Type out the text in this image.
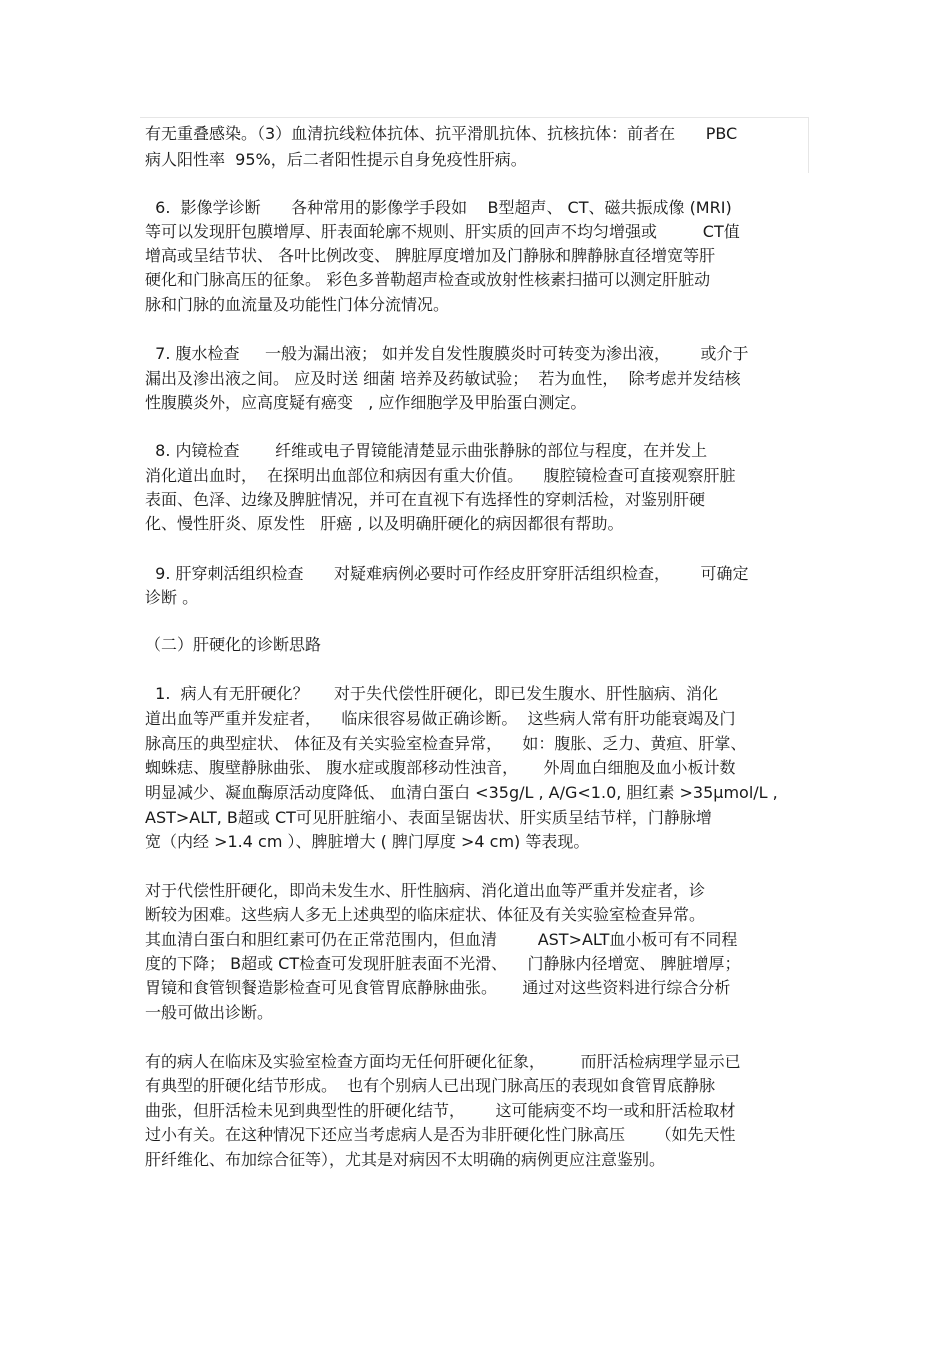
有无重叠感染。（3）血清抗线粒体抗体、抗平滑肌抗体、抗核抗体：前者在      PBC
病人阳性率  95%，后二者阳性提示自身免疫性肝病。
6.  影像学诊断      各种常用的影像学手段如    B型超声、 CT、磁共振成像 (MRI)
等可以发现肝包膜增厚、肝表面轮廓不规则、肝实质的回声不均匀增强或         CT值
增高或呈结节状、 各叶比例改变、 脾脏厚度增加及门静脉和脾静脉直径增宽等肝
硬化和门脉高压的征象。 彩色多普勒超声检查或放射性核素扫描可以测定肝脏动
脉和门脉的血流量及功能性门体分流情况。
7. 腹水检查     一般为漏出液； 如并发自发性腹膜炎时可转变为渗出液，      或介于
漏出及渗出液之间。 应及时送 细菌 培养及药敏试验；  若为血性，  除考虑并发结核
性腹膜炎外，应高度疑有癌变   , 应作细胞学及甲胎蛋白测定。
8. 内镜检查       纤维或电子胃镜能清楚显示曲张静脉的部位与程度，在并发上
消化道出血时，  在探明出血部位和病因有重大价值。    腹腔镜检查可直接观察肝脏
表面、色泽、边缘及脾脏情况，并可在直视下有选择性的穿刺活检，对鉴别肝硬
化、慢性肝炎、原发性   肝癌 , 以及明确肝硬化的病因都很有帮助。
9. 肝穿刺活组织检查      对疑难病例必要时可作经皮肝穿肝活组织检查，      可确定
诊断 。
（二）肝硬化的诊断思路
1.  病人有无肝硬化？     对于失代偿性肝硬化，即已发生腹水、肝性脑病、消化
道出血等严重并发症者，    临床很容易做正确诊断。  这些病人常有肝功能衰竭及门
脉高压的典型症状、 体征及有关实验室检查异常，    如：腹胀、乏力、黄疸、肝掌、
蜘蛛痣、腹壁静脉曲张、 腹水症或腹部移动性浊音，     外周血白细胞及血小板计数
明显减少、凝血酶原活动度降低、 血清白蛋白 <35g/L , A/G<1.0, 胆红素 >35μmol/L ,
AST>ALT, B超或 CT可见肝脏缩小、表面呈锯齿状、肝实质呈结节样，门静脉增
宽（内经 >1.4 cm ）、脾脏增大 ( 脾门厚度 >4 cm) 等表现。
对于代偿性肝硬化，即尚未发生水、肝性脑病、消化道出血等严重并发症者，诊
断较为困难。这些病人多无上述典型的临床症状、体征及有关实验室检查异常。
其血清白蛋白和胆红素可仍在正常范围内，但血清        AST>ALT血小板可有不同程
度的下降； B超或 CT检查可发现肝脏表面不光滑、    门静脉内径增宽、 脾脏增厚；
胃镜和食管钡餐造影检查可见食管胃底静脉曲张。     通过对这些资料进行综合分析
一般可做出诊断。
有的病人在临床及实验室检查方面均无任何肝硬化征象，       而肝活检病理学显示已
有典型的肝硬化结节形成。  也有个别病人已出现门脉高压的表现如食管胃底静脉
曲张，但肝活检未见到典型性的肝硬化结节，      这可能病变不均一或和肝活检取材
过小有关。在这种情况下还应当考虑病人是否为非肝硬化性门脉高压      （如先天性
肝纤维化、布加综合征等），尤其是对病因不太明确的病例更应注意鉴别。
